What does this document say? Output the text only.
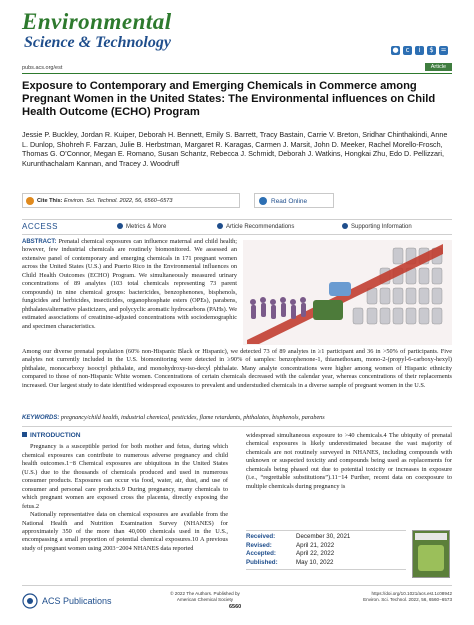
Environmental
Science & Technology	●	c	i	$ =
pubs.acs.org/est	Article
Exposure to Contemporary and Emerging Chemicals in Commerce among Pregnant Women in the United States: The Environmental influences on Child Health Outcome (ECHO) Program
Jessie P. Buckley, Jordan R. Kuiper, Deborah H. Bennett, Emily S. Barrett, Tracy Bastain, Carrie V. Breton, Sridhar Chinthakindi, Anne L. Dunlop, Shohreh F. Farzan, Julie B. Herbstman, Margaret R. Karagas, Carmen J. Marsit, John D. Meeker, Rachel Morello-Frosch, Thomas G. O’Connor, Megan E. Romano, Susan Schantz, Rebecca J. Schmidt, Deborah J. Watkins, Hongkai Zhu, Edo D. Pellizzari, Kurunthachalam Kannan, and Tracey J. Woodruff
Cite This: Environ. Sci. Technol. 2022, 56, 6560−6573	Read Online
ACCESS	Metrics & More	Article Recommendations	Supporting Information
ABSTRACT: Prenatal chemical exposures can influence maternal and child health; however, few industrial chemicals are routinely biomonitored. We assessed an extensive panel of contemporary and emerging chemicals in 171 pregnant women across the United States (U.S.) and Puerto Rico in the Environmental influences on Child Health Outcomes (ECHO) Program. We simultaneously measured urinary concentrations of 89 analytes (103 total chemicals representing 73 parent compounds) in nine chemical groups: bactericides, benzophenones, bisphenols, fungicides and herbicides, insecticides, organophosphate esters (OPEs), parabens, phthalates/alternative plasticizers, and polycyclic aromatic hydrocarbons (PAHs). We estimated associations of creatinine-adjusted concentrations with sociodemographic and specimen characteristics.
Among our diverse prenatal population (60% non-Hispanic Black or Hispanic), we detected 73 of 89 analytes in ≥1 participant and 36 in >50% of participants. Five analytes not currently included in the U.S. biomonitoring were detected in ≥90% of samples: benzophenone-1, thiamethoxam, mono-2-(propyl-6-carboxy-hexyl) phthalate, monocarboxy isooctyl phthalate, and monohydroxy-iso-decyl phthalate. Many analyte concentrations were higher among women of Hispanic ethnicity compared to those of non-Hispanic White women. Concentrations of certain chemicals decreased with the calendar year, whereas concentrations of their replacements increased. Our largest study to date identified widespread exposures to prevalent and understudied chemicals in a diverse sample of pregnant women in the U.S.
KEYWORDS: pregnancy/child health, industrial chemical, pesticides, flame retardants, phthalates, bisphenols, parabens
INTRODUCTION
Pregnancy is a susceptible period for both mother and fetus, during which chemical exposures can contribute to numerous adverse pregnancy and child health outcomes.1−8 Chemical exposures are ubiquitous in the United States (U.S.) due to the thousands of chemicals produced and used in numerous consumer products. Exposures can occur via food, water, air, dust, and use of consumer and personal care products.9 During pregnancy, many chemicals to which pregnant women are exposed cross the placenta, directly exposing the fetus.2
Nationally representative data on chemical exposures are available from the National Health and Nutrition Examination Survey (NHANES) for approximately 350 of the more than 40,000 chemicals used in the U.S., encompassing a small proportion of potential chemical exposures.10 A previous study of pregnant women using 2003−2004 NHANES data reported
widespread simultaneous exposure to >40 chemicals.4 The ubiquity of prenatal chemical exposures is likely underestimated because the vast majority of chemicals are not routinely surveyed in NHANES, including compounds with unknown or suspected toxicity and compounds being used as replacements for chemicals being phased out due to potential toxicity or increases in exposure (i.e., “regrettable substitutions”).11−14 Further, recent data on coexposure to multiple chemicals during pregnancy is
Received:	December 30, 2021
Revised:	April 21, 2022
Accepted:	April 22, 2022
Published:	May 10, 2022
ACS Publications
© 2022 The Authors. Published by American Chemical Society
6560
https://doi.org/10.1021/acs.est.1c08942
Environ. Sci. Technol. 2022, 56, 6560−6573
